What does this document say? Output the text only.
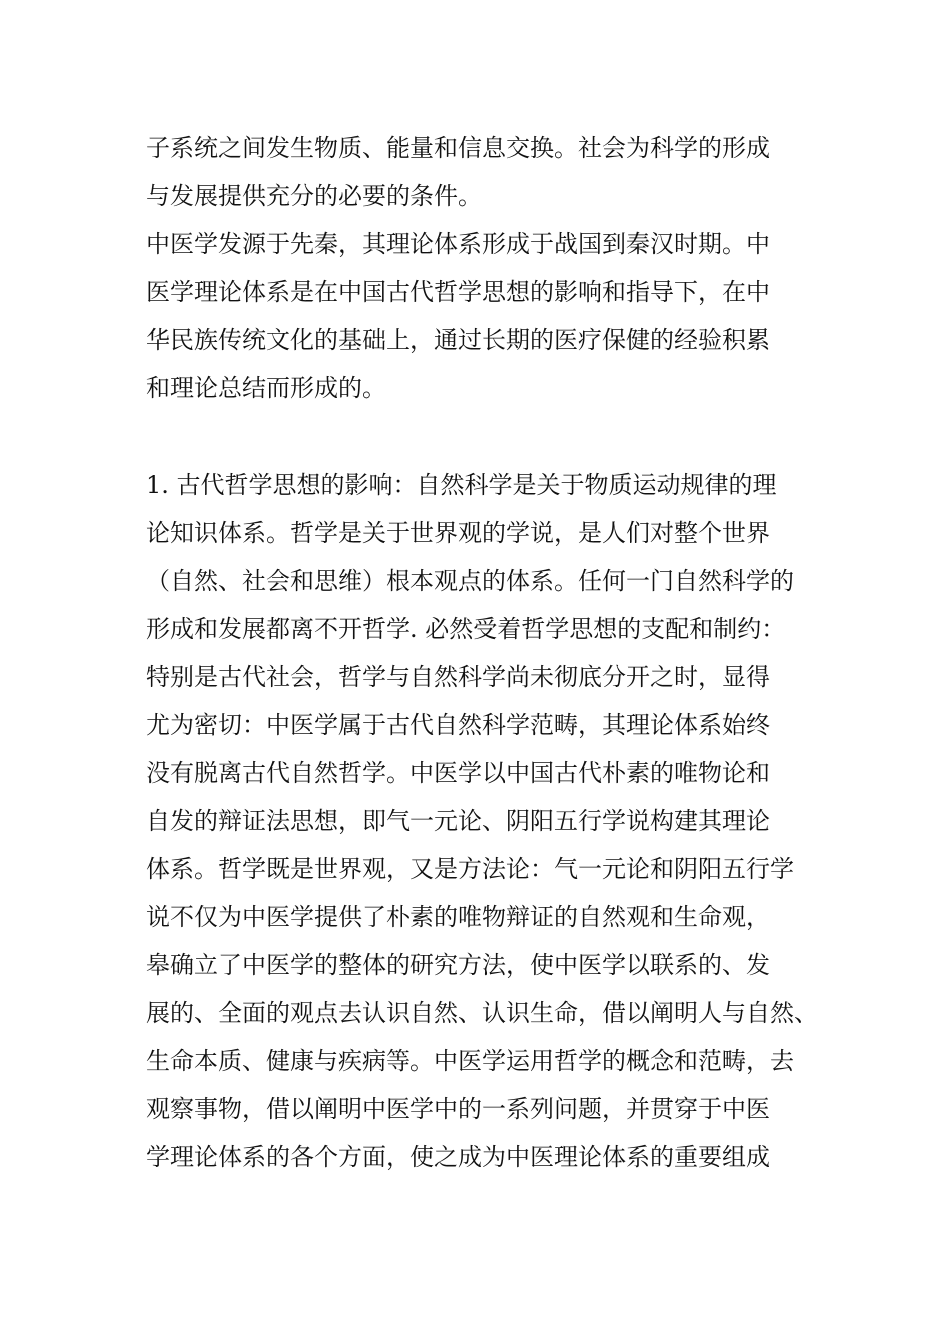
子系统之间发生物质、能量和信息交换。社会为科学的形成
与发展提供充分的必要的条件。
中医学发源于先秦，其理论体系形成于战国到秦汉时期。中
医学理论体系是在中国古代哲学思想的影响和指导下，在中
华民族传统文化的基础上，通过长期的医疗保健的经验积累
和理论总结而形成的。
1. 古代哲学思想的影响：自然科学是关于物质运动规律的理
论知识体系。哲学是关于世界观的学说，是人们对整个世界
（自然、社会和思维）根本观点的体系。任何一门自然科学的
形成和发展都离不开哲学. 必然受着哲学思想的支配和制约：
特别是古代社会，哲学与自然科学尚未彻底分开之时，显得
尤为密切：中医学属于古代自然科学范畴，其理论体系始终
没有脱离古代自然哲学。中医学以中国古代朴素的唯物论和
自发的辩证法思想，即气一元论、阴阳五行学说构建其理论
体系。哲学既是世界观，又是方法论：气一元论和阴阳五行学
说不仅为中医学提供了朴素的唯物辩证的自然观和生命观，
皋确立了中医学的整体的研究方法，使中医学以联系的、发
展的、全面的观点去认识自然、认识生命，借以阐明人与自然、
生命本质、健康与疾病等。中医学运用哲学的概念和范畴，去
观察事物，借以阐明中医学中的一系列问题，并贯穿于中医
学理论体系的各个方面，使之成为中医理论体系的重要组成
